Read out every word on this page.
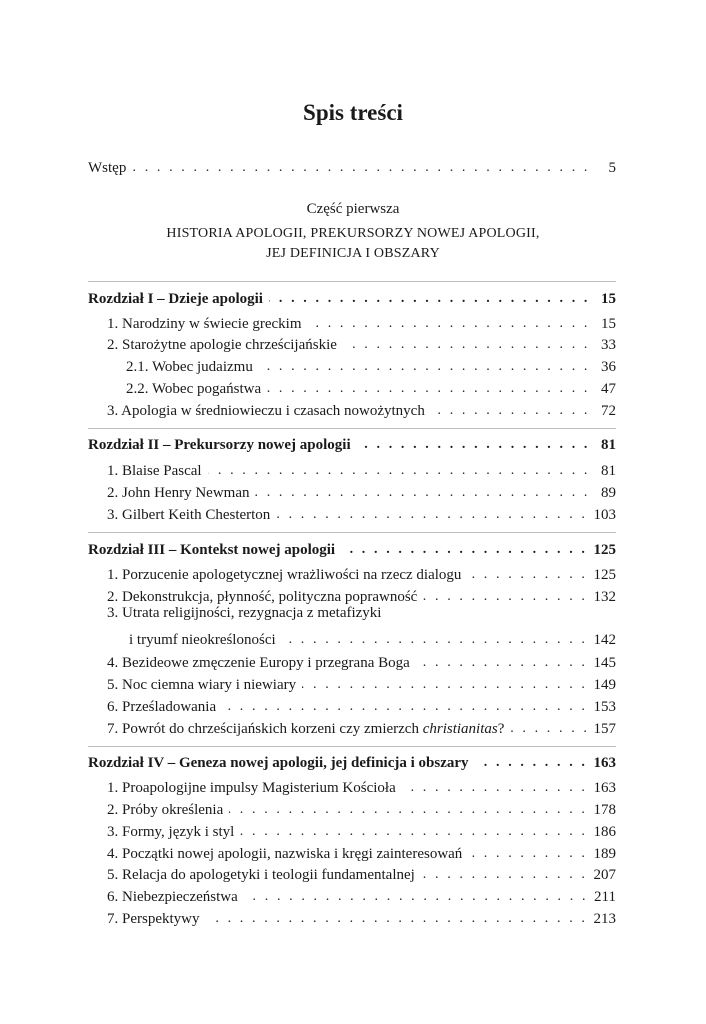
Spis treści
Wstęp . . .	5
Część pierwsza
HISTORIA APOLOGII, PREKURSORZY NOWEJ APOLOGII,
JEJ DEFINICJA I OBSZARY
Rozdział I – Dzieje apologii . . .	15
1. Narodziny w świecie greckim . . .	15
2. Starożytne apologie chrześcijańskie . . .	33
2.1. Wobec judaizmu . . .	36
2.2. Wobec pogaństwa . . .	47
3. Apologia w średniowieczu i czasach nowożytnych . . .	72
Rozdział II – Prekursorzy nowej apologii . . .	81
1. Blaise Pascal . . .	81
2. John Henry Newman . . .	89
3. Gilbert Keith Chesterton . . .	103
Rozdział III – Kontekst nowej apologii . . .	125
1. Porzucenie apologetycznej wrażliwości na rzecz dialogu . . .	125
2. Dekonstrukcja, płynność, polityczna poprawność . . .	132
3. Utrata religijności, rezygnacja z metafizyki
i tryumf nieokreśloności . . .	142
4. Bezideowe zmęczenie Europy i przegrana Boga . . .	145
5. Noc ciemna wiary i niewiary . . .	149
6. Prześladowania . . .	153
7. Powrót do chrześcijańskich korzeni czy zmierzch christianitas? . . .	157
Rozdział IV – Geneza nowej apologii, jej definicja i obszary . . .	163
1. Proapologijne impulsy Magisterium Kościoła . . .	163
2. Próby określenia . . .	178
3. Formy, język i styl . . .	186
4. Początki nowej apologii, nazwiska i kręgi zainteresowań . . .	189
5. Relacja do apologetyki i teologii fundamentalnej . . .	207
6. Niebezpieczeństwa . . .	211
7. Perspektywy . . .	213
